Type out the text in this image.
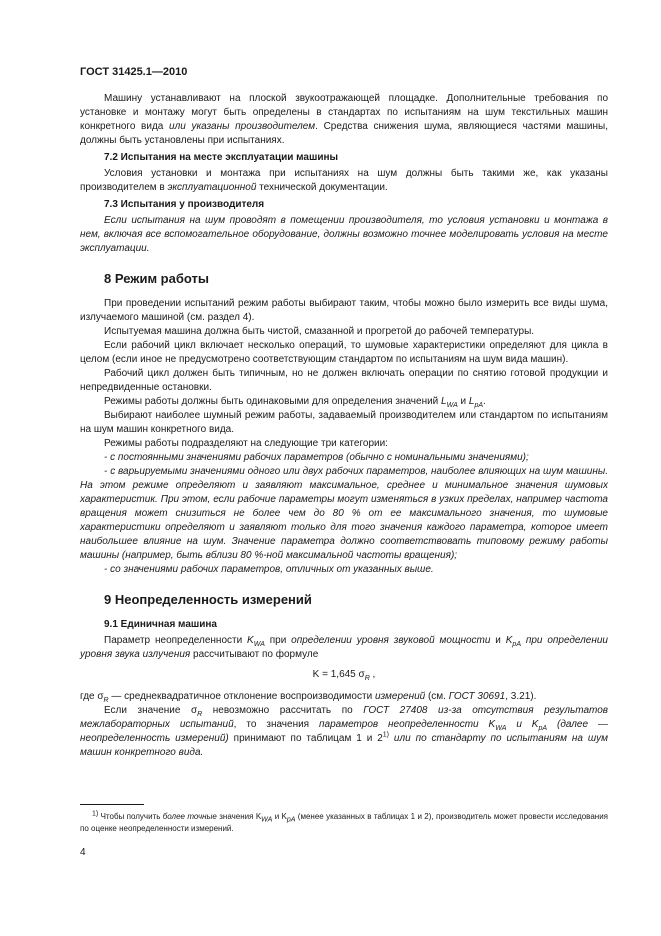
ГОСТ 31425.1—2010

Машину устанавливают на плоской звукоотражающей площадке. Дополнительные требования по установке и монтажу могут быть определены в стандартах по испытаниям на шум текстильных машин конкретного вида или указаны производителем. Средства снижения шума, являющиеся частями машины, должны быть установлены при испытаниях.

7.2 Испытания на месте эксплуатации машины

Условия установки и монтажа при испытаниях на шум должны быть такими же, как указаны производителем в эксплуатационной технической документации.

7.3 Испытания у производителя

Если испытания на шум проводят в помещении производителя, то условия установки и монтажа в нем, включая все вспомогательное оборудование, должны возможно точнее моделировать условия на месте эксплуатации.

8 Режим работы

При проведении испытаний режим работы выбирают таким, чтобы можно было измерить все виды шума, излучаемого машиной (см. раздел 4).

Испытуемая машина должна быть чистой, смазанной и прогретой до рабочей температуры.

Если рабочий цикл включает несколько операций, то шумовые характеристики определяют для цикла в целом (если иное не предусмотрено соответствующим стандартом по испытаниям на шум вида машин).

Рабочий цикл должен быть типичным, но не должен включать операции по снятию готовой продукции и непредвиденные остановки.

Режимы работы должны быть одинаковыми для определения значений $L_{WA}$ и $L_{pA}$.

Выбирают наиболее шумный режим работы, задаваемый производителем или стандартом по испытаниям на шум машин конкретного вида.

Режимы работы подразделяют на следующие три категории:

- с постоянными значениями рабочих параметров (обычно с номинальными значениями);

- с варьируемыми значениями одного или двух рабочих параметров, наиболее влияющих на шум машины. На этом режиме определяют и заявляют максимальное, среднее и минимальное значения шумовых характеристик. При этом, если рабочие параметры могут изменяться в узких пределах, например частота вращения может снизиться не более чем до 80 % от ее максимального значения, то шумовые характеристики определяют и заявляют только для того значения каждого параметра, которое имеет наибольшее влияние на шум. Значение параметра должно соответствовать типовому режиму работы машины (например, быть вблизи 80 %-ной максимальной частоты вращения);

- со значениями рабочих параметров, отличных от указанных выше.

9 Неопределенность измерений
9.1 Единичная машина

Параметр неопределенности $K_{WA}$ при определении уровня звуковой мощности и $K_{pA}$ при определении уровня звука излучения рассчитывают по формуле

K = 1,645 $\sigma_R$ ,

где $\sigma_R$ — среднеквадратичное отклонение воспроизводимости измерений (см. ГОСТ 30691, 3.21).

Если значение $\sigma_R$ невозможно рассчитать по ГОСТ 27408 из-за отсутствия результатов межлабораторных испытаний, то значения параметров неопределенности $K_{WA}$ и $K_{pA}$ (далее — неопределенность измерений) принимают по таблицам 1 и 2$^{1)}$ или по стандарту по испытаниям на шум машин конкретного вида.

$^{1)}$ Чтобы получить более точные значения $K_{WA}$ и $K_{pA}$ (менее указанных в таблицах 1 и 2), производитель может провести исследования по оценке неопределенности измерений.
4
